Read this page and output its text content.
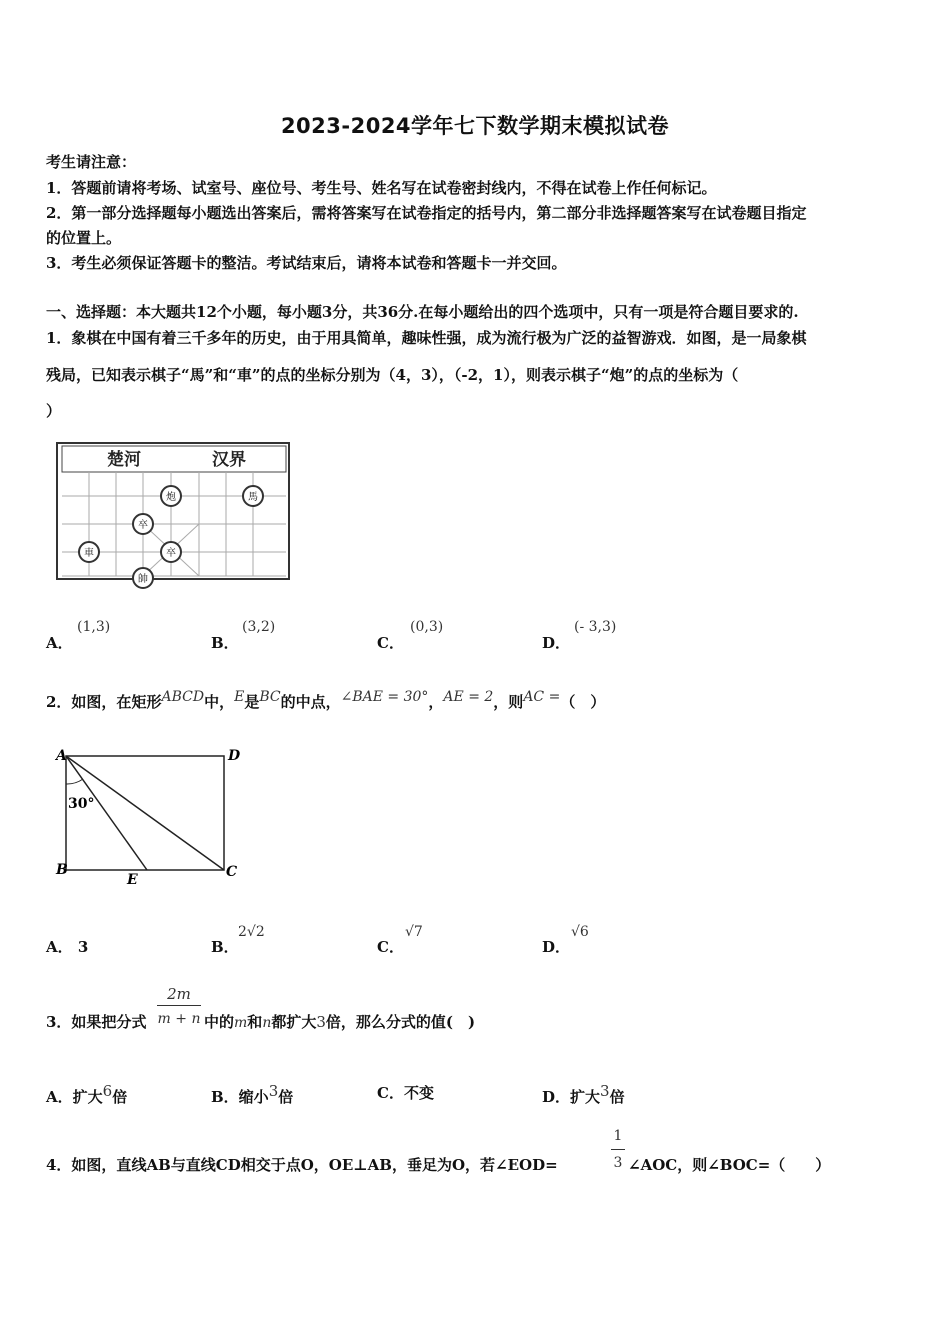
2023-2024学年七下数学期末模拟试卷
考生请注意：
1．答题前请将考场、试室号、座位号、考生号、姓名写在试卷密封线内，不得在试卷上作任何标记。
2．第一部分选择题每小题选出答案后，需将答案写在试卷指定的括号内，第二部分非选择题答案写在试卷题目指定
的位置上。
3．考生必须保证答题卡的整洁。考试结束后，请将本试卷和答题卡一并交回。
一、选择题：本大题共12个小题，每小题3分，共36分.在每小题给出的四个选项中，只有一项是符合题目要求的.
1．象棋在中国有着三千多年的历史，由于用具简单，趣味性强，成为流行极为广泛的益智游戏．如图，是一局象棋
残局，已知表示棋子“馬”和“車”的点的坐标分别为（4，3），（-2，1），则表示棋子“炮”的点的坐标为（
）
楚河	汉界
炮	馬
卒
車	卒
帥
A．
(1,3)
B．
(3,2)
C．
(0,3)
D．
(- 3,3)
2．如图，在矩形$^{ABCD}$中，$^E$是$^{BC}$的中点，$^{\angle BAE = 30^\circ}$，$^{AE = 2}$，则$^{AC =}$（　）
A	D
B	C
E
30°
A． 3	B．
2√2
C．
√7
D．
√6
3．如果把分式
2m
m + n 中的m和n都扩大3倍，那么分式的值(　)
A．扩大$^6$倍	B．缩小$^3$倍	C．不变	D．扩大$^3$倍
4．如图，直线AB与直线CD相交于点O，OE⊥AB，垂足为O，若∠EOD=
1
3 ∠AOC，则∠BOC=（　　）
